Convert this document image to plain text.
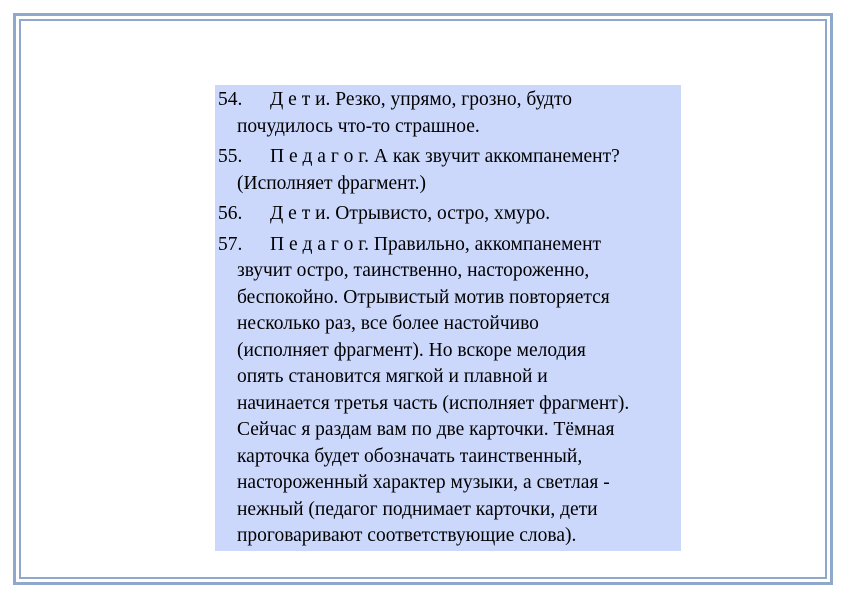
54. Д е т и. Резко, упрямо, грозно, будто
почудилось что-то страшное.
55. П е д а г о г. А как звучит аккомпанемент?
(Исполняет фрагмент.)
56. Д е т и. Отрывисто, остро, хмуро.
57. П е д а г о г. Правильно, аккомпанемент
звучит остро, таинственно, настороженно,
беспокойно. Отрывистый мотив повторяется
несколько раз, все более настойчиво
(исполняет фрагмент). Но вскоре мелодия
опять становится мягкой и плавной и
начинается третья часть (исполняет фрагмент).
Сейчас я раздам вам по две карточки. Тёмная
карточка будет обозначать таинственный,
настороженный характер музыки, а светлая -
нежный (педагог поднимает карточки, дети
проговаривают соответствующие слова).
